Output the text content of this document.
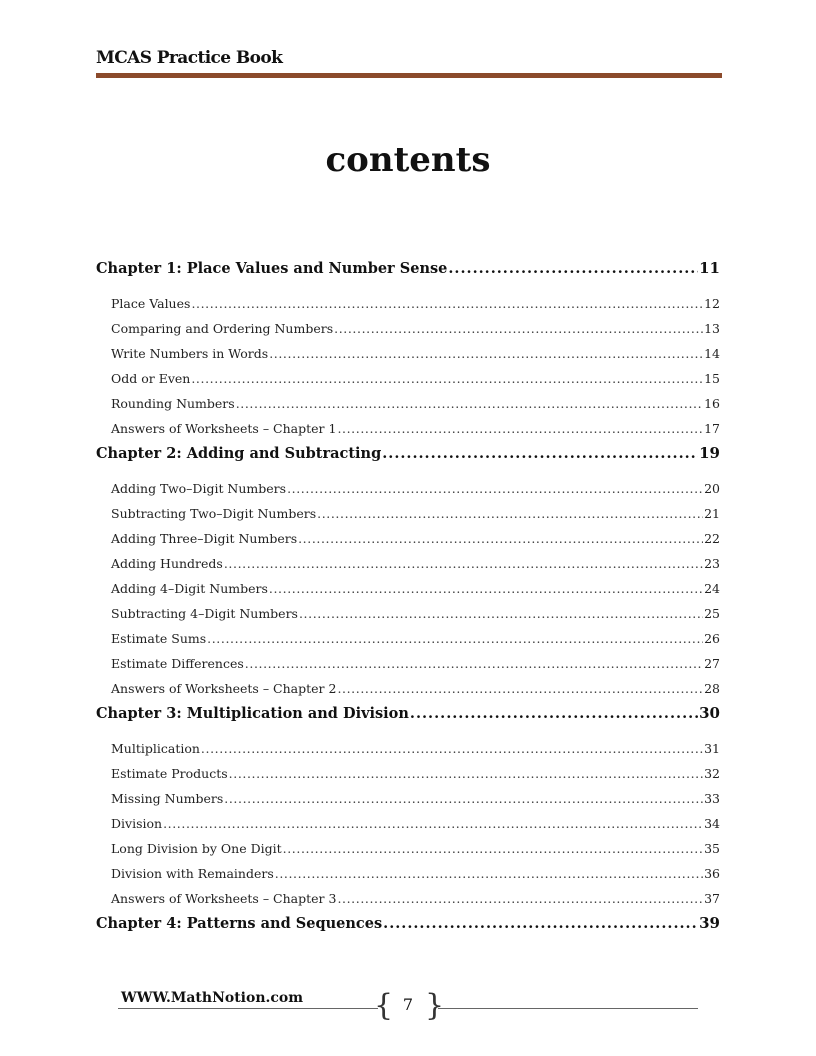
MCAS Practice Book
contents
Chapter 1: Place Values and Number Sense .....	11
Place Values .....	12
Comparing and Ordering Numbers .....	13
Write Numbers in Words .....	14
Odd or Even .....	15
Rounding Numbers .....	16
Answers of Worksheets – Chapter 1 .....	17
Chapter 2: Adding and Subtracting .....	19
Adding Two–Digit Numbers .....	20
Subtracting Two–Digit Numbers .....	21
Adding Three–Digit Numbers .....	22
Adding Hundreds .....	23
Adding 4–Digit Numbers .....	24
Subtracting 4–Digit Numbers .....	25
Estimate Sums .....	26
Estimate Differences .....	27
Answers of Worksheets – Chapter 2 .....	28
Chapter 3: Multiplication and Division .....	30
Multiplication .....	31
Estimate Products .....	32
Missing Numbers .....	33
Division .....	34
Long Division by One Digit .....	35
Division with Remainders .....	36
Answers of Worksheets – Chapter 3 .....	37
Chapter 4: Patterns and Sequences .....	39
WWW.MathNotion.com { }
7
